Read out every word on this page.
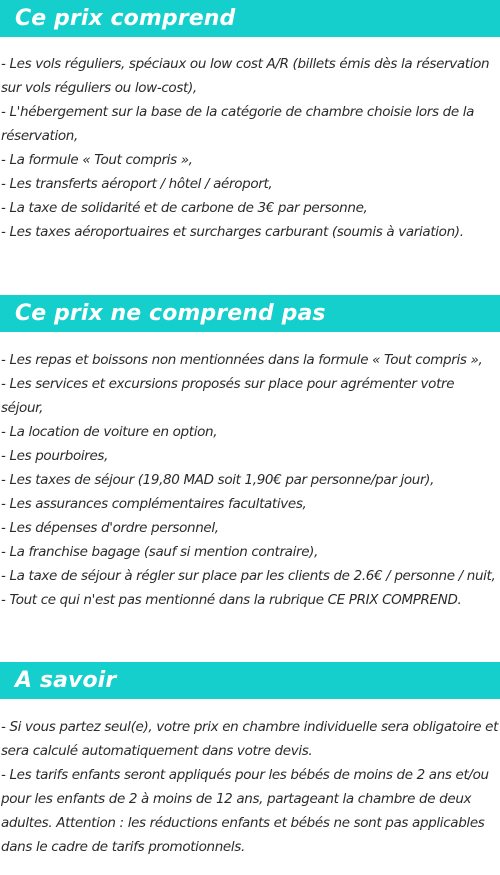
Ce prix comprend
- Les vols réguliers, spéciaux ou low cost A/R (billets émis dès la réservation sur vols réguliers ou low-cost),
- L'hébergement sur la base de la catégorie de chambre choisie lors de la réservation,
- La formule « Tout compris »,
- Les transferts aéroport / hôtel / aéroport,
- La taxe de solidarité et de carbone de 3€ par personne,
- Les taxes aéroportuaires et surcharges carburant (soumis à variation).
Ce prix ne comprend pas
- Les repas et boissons non mentionnées dans la formule « Tout compris »,
- Les services et excursions proposés sur place pour agrémenter votre séjour,
- La location de voiture en option,
- Les pourboires,
- Les taxes de séjour (19,80 MAD soit 1,90€ par personne/par jour),
- Les assurances complémentaires facultatives,
- Les dépenses d'ordre personnel,
- La franchise bagage (sauf si mention contraire),
- La taxe de séjour à régler sur place par les clients de 2.6€ / personne / nuit,
- Tout ce qui n'est pas mentionné dans la rubrique CE PRIX COMPREND.
A savoir
- Si vous partez seul(e), votre prix en chambre individuelle sera obligatoire et sera calculé automatiquement dans votre devis.
- Les tarifs enfants seront appliqués pour les bébés de moins de 2 ans et/ou pour les enfants de 2 à moins de 12 ans, partageant la chambre de deux adultes. Attention : les réductions enfants et bébés ne sont pas applicables dans le cadre de tarifs promotionnels.
